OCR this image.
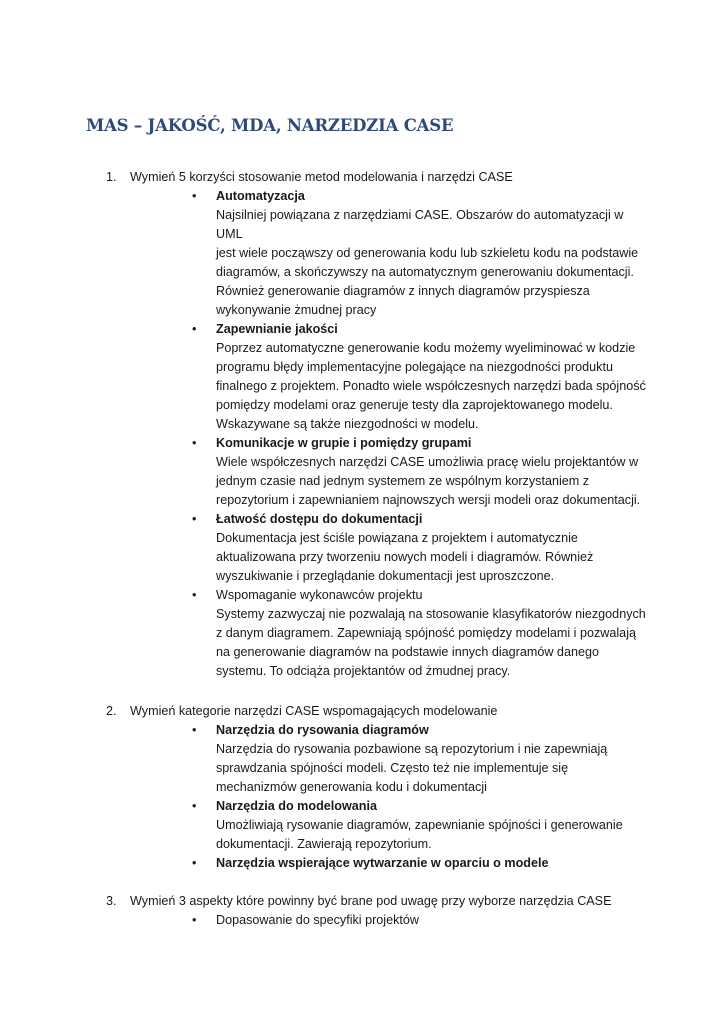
MAS – JAKOŚĆ, MDA, NARZEDZIA CASE
1. Wymień 5 korzyści stosowanie metod modelowania i narzędzi CASE
•	Automatyzacja
Najsilniej powiązana z narzędziami CASE. Obszarów do automatyzacji w UML
jest wiele począwszy od generowania kodu lub szkieletu kodu na podstawie
diagramów, a skończywszy na automatycznym generowaniu dokumentacji.
Również generowanie diagramów z innych diagramów przyspiesza
wykonywanie żmudnej pracy
•	Zapewnianie jakości
Poprzez automatyczne generowanie kodu możemy wyeliminować w kodzie
programu błędy implementacyjne polegające na niezgodności produktu
finalnego z projektem. Ponadto wiele współczesnych narzędzi bada spójność
pomiędzy modelami oraz generuje testy dla zaprojektowanego modelu.
Wskazywane są także niezgodności w modelu.
•	Komunikacje w grupie i pomiędzy grupami
Wiele współczesnych narzędzi CASE umożliwia pracę wielu projektantów w
jednym czasie nad jednym systemem ze wspólnym korzystaniem z
repozytorium i zapewnianiem najnowszych wersji modeli oraz dokumentacji.
•	Łatwość dostępu do dokumentacji
Dokumentacja jest ściśle powiązana z projektem i automatycznie
aktualizowana przy tworzeniu nowych modeli i diagramów. Również
wyszukiwanie i przeglądanie dokumentacji jest uproszczone.
•	Wspomaganie wykonawców projektu
Systemy zazwyczaj nie pozwalają na stosowanie klasyfikatorów niezgodnych
z danym diagramem. Zapewniają spójność pomiędzy modelami i pozwalają
na generowanie diagramów na podstawie innych diagramów danego
systemu. To odciąża projektantów od żmudnej pracy.
2. Wymień kategorie narzędzi CASE wspomagających modelowanie
•	Narzędzia do rysowania diagramów
Narzędzia do rysowania pozbawione są repozytorium i nie zapewniają
sprawdzania spójności modeli. Często też nie implementuje się
mechanizmów generowania kodu i dokumentacji
•	Narzędzia do modelowania
Umożliwiają rysowanie diagramów, zapewnianie spójności i generowanie
dokumentacji. Zawierają repozytorium.
•	Narzędzia wspierające wytwarzanie w oparciu o modele
3. Wymień 3 aspekty które powinny być brane pod uwagę przy wyborze narzędzia CASE
•	Dopasowanie do specyfiki projektów
